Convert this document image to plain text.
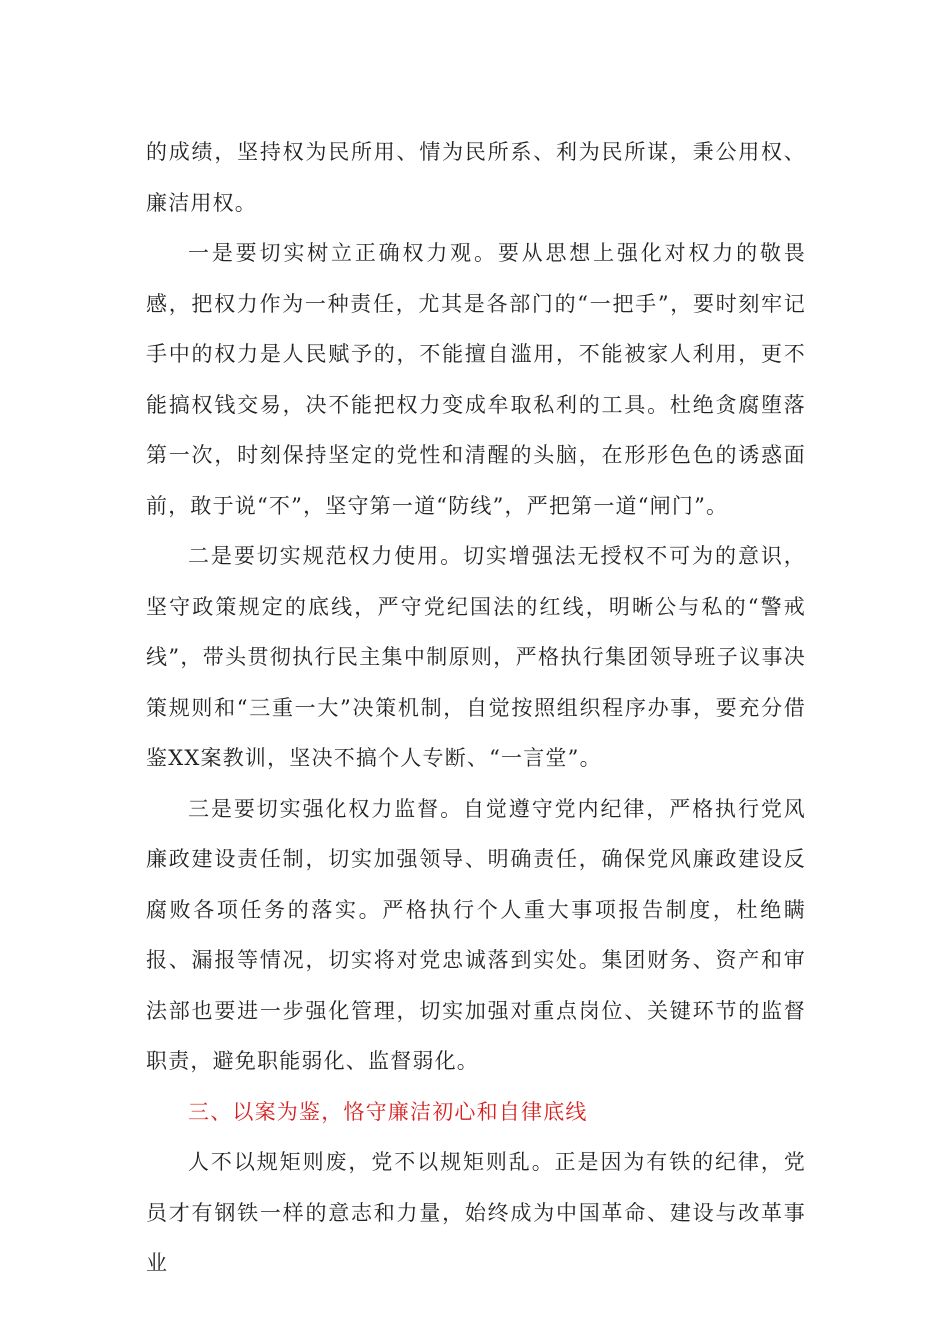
的成绩，坚持权为民所用、情为民所系、利为民所谋，秉公用权、廉洁用权。

一是要切实树立正确权力观。要从思想上强化对权力的敬畏感，把权力作为一种责任，尤其是各部门的“一把手”，要时刻牢记手中的权力是人民赋予的，不能擅自滥用，不能被家人利用，更不能搞权钱交易，决不能把权力变成牟取私利的工具。杜绝贪腐堕落第一次，时刻保持坚定的党性和清醒的头脑，在形形色色的诱惑面前，敢于说“不”，坚守第一道“防线”，严把第一道“闸门”。

二是要切实规范权力使用。切实增强法无授权不可为的意识，坚守政策规定的底线，严守党纪国法的红线，明晰公与私的“警戒线”，带头贯彻执行民主集中制原则，严格执行集团领导班子议事决策规则和“三重一大”决策机制，自觉按照组织程序办事，要充分借鉴XX案教训，坚决不搞个人专断、“一言堂”。

三是要切实强化权力监督。自觉遵守党内纪律，严格执行党风廉政建设责任制，切实加强领导、明确责任，确保党风廉政建设反腐败各项任务的落实。严格执行个人重大事项报告制度，杜绝瞒报、漏报等情况，切实将对党忠诚落到实处。集团财务、资产和审法部也要进一步强化管理，切实加强对重点岗位、关键环节的监督职责，避免职能弱化、监督弱化。

三、以案为鉴，恪守廉洁初心和自律底线

人不以规矩则废，党不以规矩则乱。正是因为有铁的纪律，党员才有钢铁一样的意志和力量，始终成为中国革命、建设与改革事业
